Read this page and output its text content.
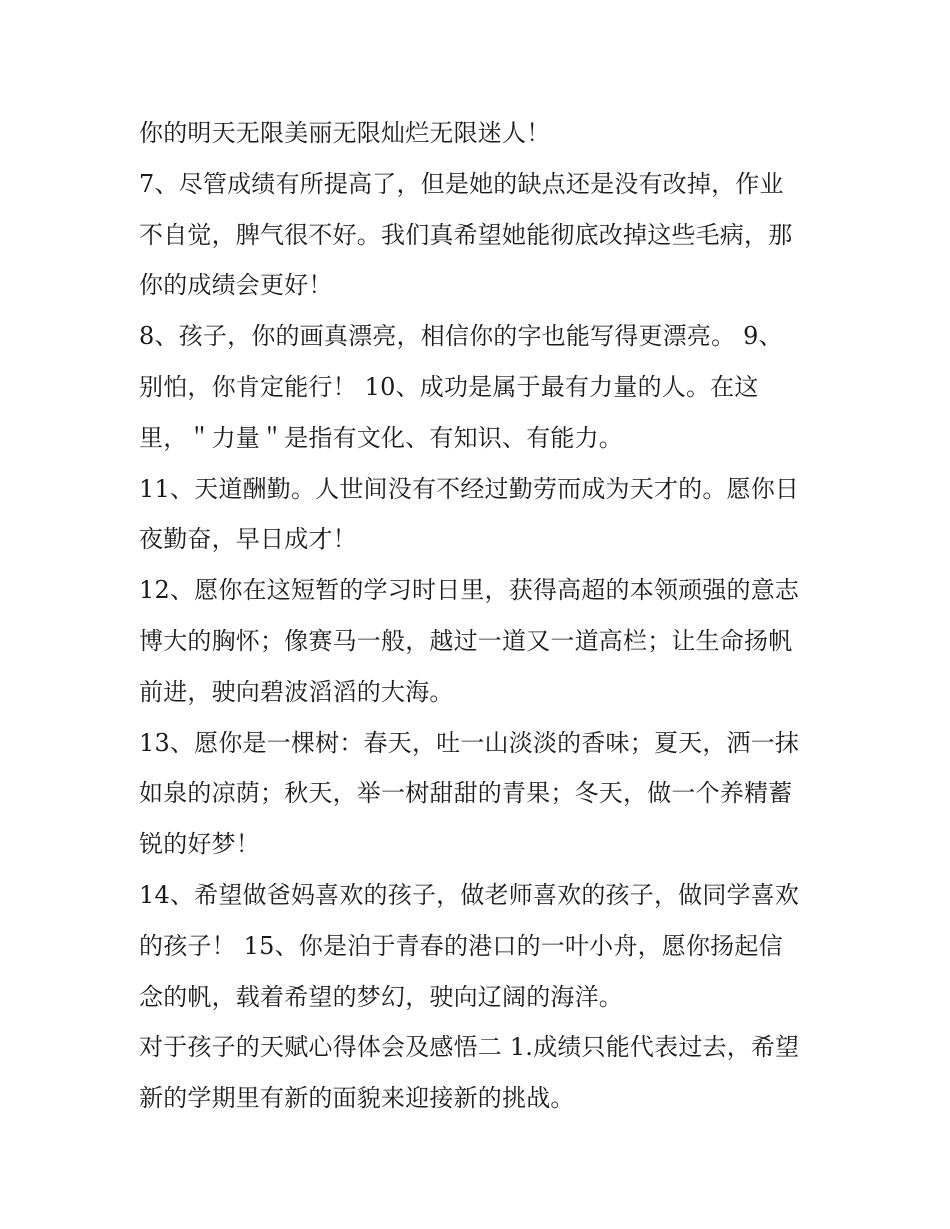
你的明天无限美丽无限灿烂无限迷人！
7、尽管成绩有所提高了，但是她的缺点还是没有改掉，作业
不自觉，脾气很不好。我们真希望她能彻底改掉这些毛病，那
你的成绩会更好！
8、孩子，你的画真漂亮，相信你的字也能写得更漂亮。 9、
别怕，你肯定能行！ 10、成功是属于最有力量的人。在这
里，＂力量＂是指有文化、有知识、有能力。
11、天道酬勤。人世间没有不经过勤劳而成为天才的。愿你日
夜勤奋，早日成才！
12、愿你在这短暂的学习时日里，获得高超的本领顽强的意志
博大的胸怀；像赛马一般，越过一道又一道高栏；让生命扬帆
前进，驶向碧波滔滔的大海。
13、愿你是一棵树：春天，吐一山淡淡的香味；夏天，洒一抹
如泉的凉荫；秋天，举一树甜甜的青果；冬天，做一个养精蓄
锐的好梦！
14、希望做爸妈喜欢的孩子，做老师喜欢的孩子，做同学喜欢
的孩子！ 15、你是泊于青春的港口的一叶小舟，愿你扬起信
念的帆，载着希望的梦幻，驶向辽阔的海洋。
对于孩子的天赋心得体会及感悟二 1.成绩只能代表过去，希望
新的学期里有新的面貌来迎接新的挑战。
